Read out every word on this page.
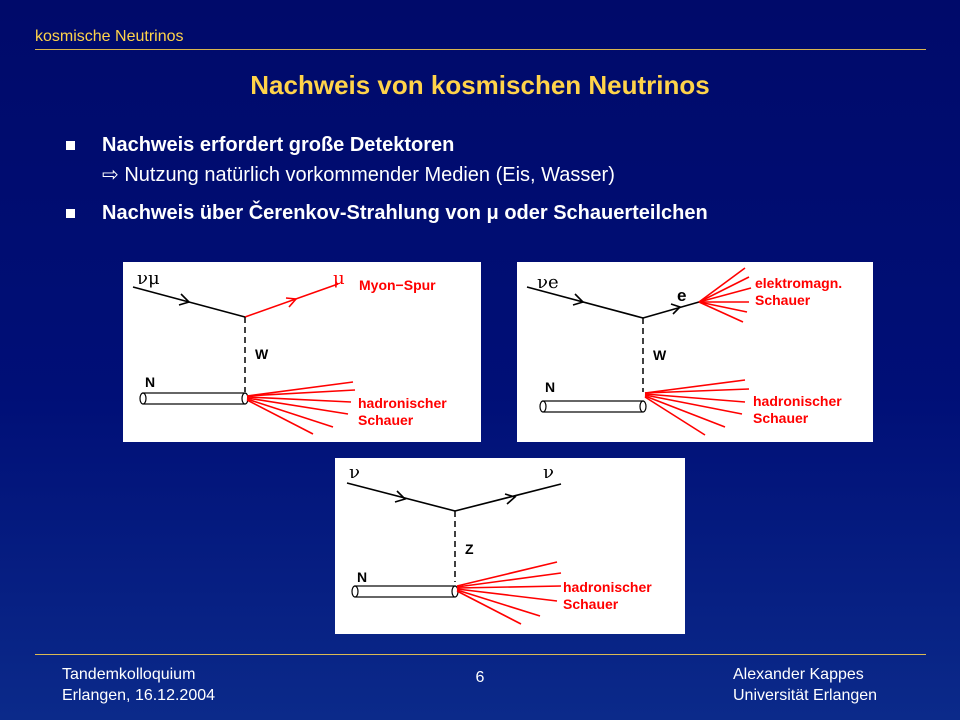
kosmische Neutrinos
Nachweis von kosmischen Neutrinos
Nachweis erfordert große Detektoren
⇨ Nutzung natürlich vorkommender Medien (Eis, Wasser)
Nachweis über Čerenkov-Strahlung von μ oder Schauerteilchen
νμ	μ Myon−Spur
W
N
hadronischer
Schauer
νe
e
elektromagn.
Schauer
W
N
hadronischer
Schauer
ν	ν
Z
N
hadronischer
Schauer
Tandemkolloquium
Erlangen, 16.12.2004
6	Alexander Kappes
Universität Erlangen
